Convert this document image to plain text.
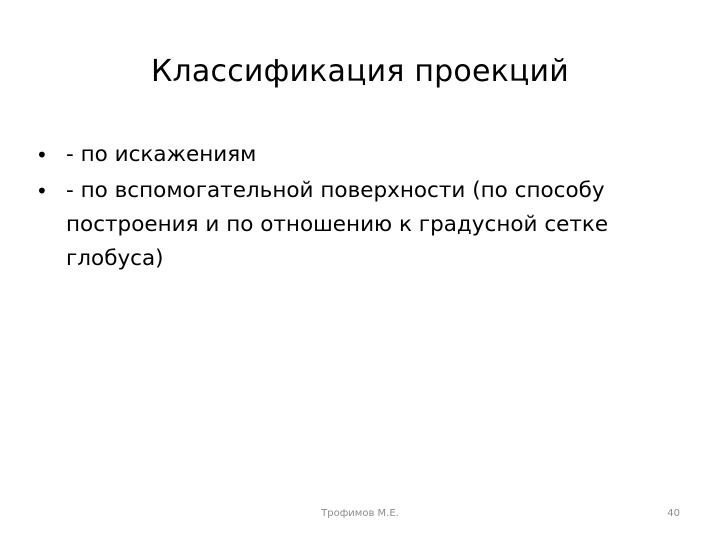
Классификация проекций
• - по искажениям
• - по вспомогательной поверхности (по способу построения и по отношению к градусной сетке глобуса)
Трофимов М.Е.	40
